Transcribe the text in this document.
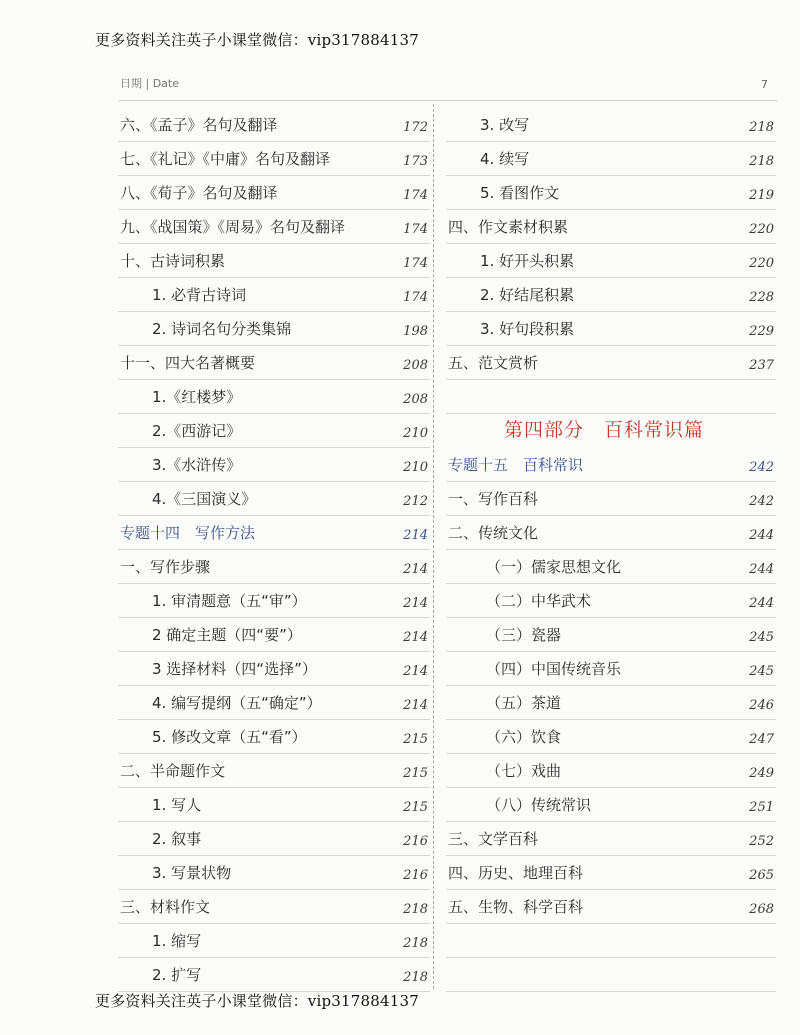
更多资料关注英子小课堂微信：vip317884137
日期 | Date	7
六、《孟子》名句及翻译	172
七、《礼记》《中庸》名句及翻译	173
八、《荀子》名句及翻译	174
九、《战国策》《周易》名句及翻译	174
十、古诗词积累	174
1. 必背古诗词	174
2. 诗词名句分类集锦	198
十一、四大名著概要	208
1.《红楼梦》	208
2.《西游记》	210
3.《水浒传》	210
4.《三国演义》	212
专题十四　写作方法	214
一、写作步骤	214
1. 审清题意（五“审”）	214
2 确定主题（四“要”）	214
3 选择材料（四“选择”）	214
4. 编写提纲（五“确定”）	214
5. 修改文章（五“看”）	215
二、半命题作文	215
1. 写人	215
2. 叙事	216
3. 写景状物	216
三、材料作文	218
1. 缩写	218
2. 扩写	218
3. 改写	218
4. 续写	218
5. 看图作文	219
四、作文素材积累	220
1. 好开头积累	220
2. 好结尾积累	228
3. 好句段积累	229
五、范文赏析	237
第四部分　百科常识篇
专题十五　百科常识	242
一、写作百科	242
二、传统文化	244
（一）儒家思想文化	244
（二）中华武术	244
（三）瓷器	245
（四）中国传统音乐	245
（五）茶道	246
（六）饮食	247
（七）戏曲	249
（八）传统常识	251
三、文学百科	252
四、历史、地理百科	265
五、生物、科学百科	268
更多资料关注英子小课堂微信：vip317884137
